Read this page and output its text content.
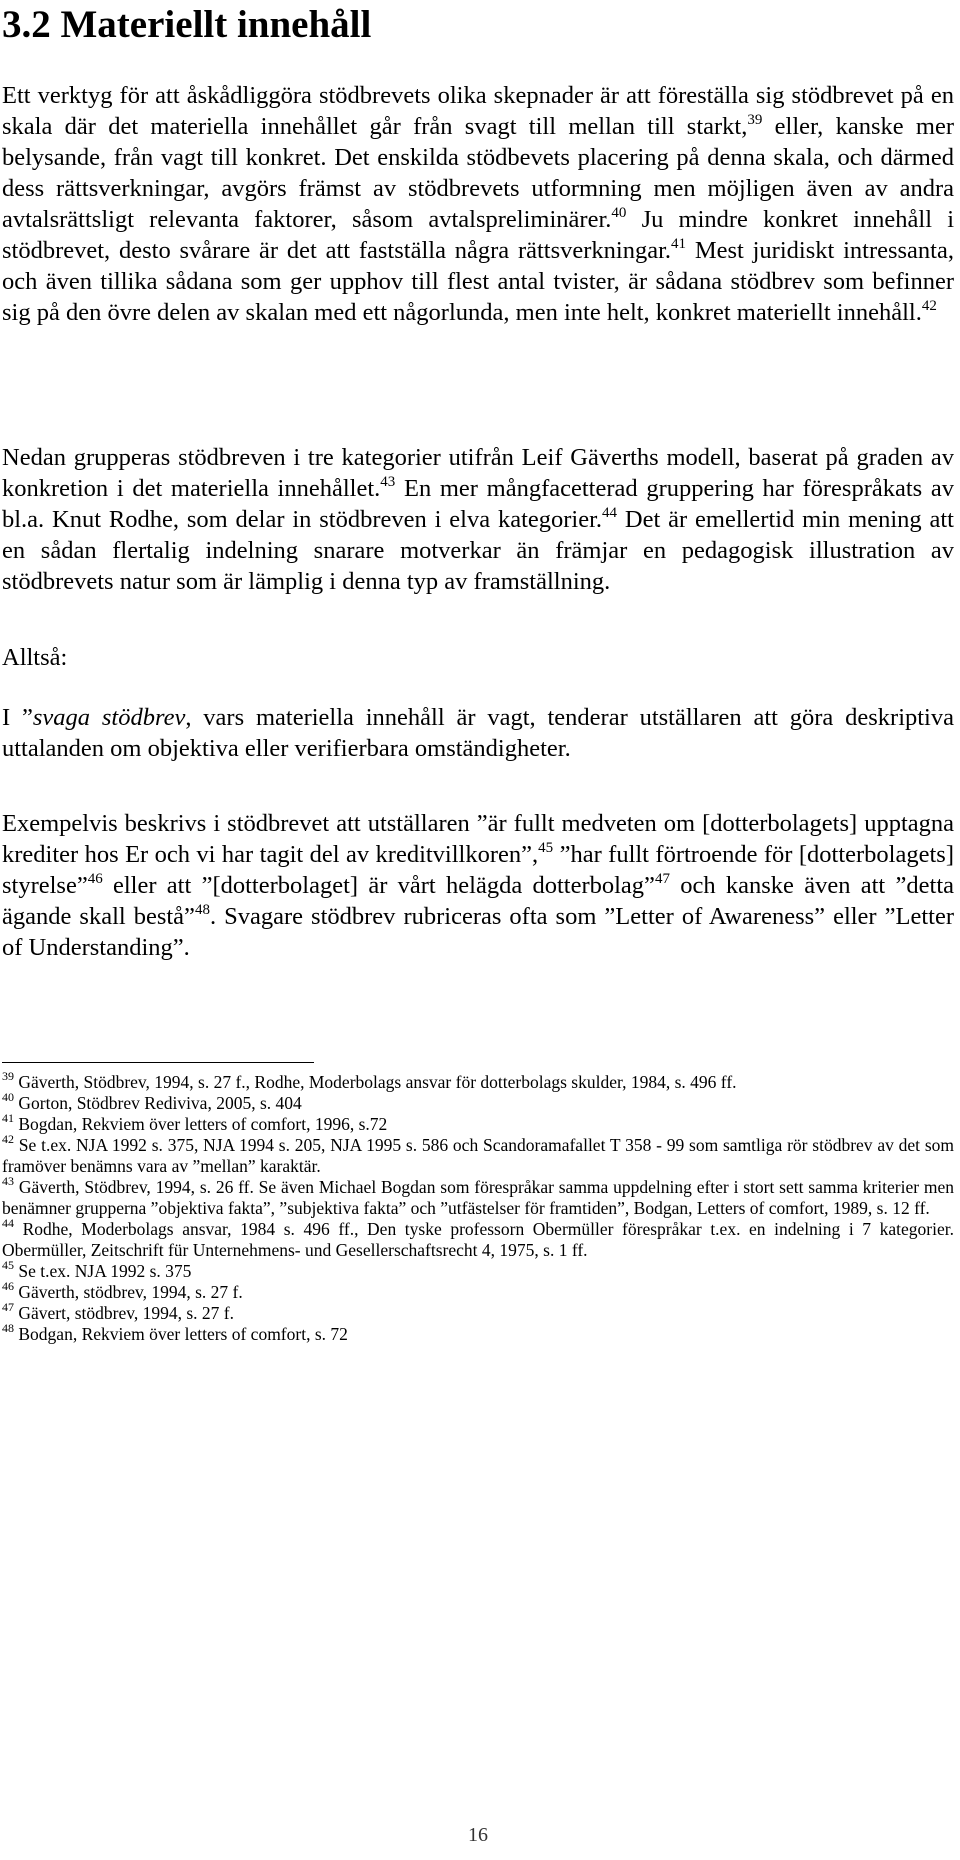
3.2 Materiellt innehåll

Ett verktyg för att åskådliggöra stödbrevets olika skepnader är att föreställa sig stödbrevet på en skala där det materiella innehållet går från svagt till mellan till starkt,$^{39}$ eller, kanske mer belysande, från vagt till konkret. Det enskilda stödbevets placering på denna skala, och därmed dess rättsverkningar, avgörs främst av stödbrevets utformning men möjligen även av andra avtalsrättsligt relevanta faktorer, såsom avtalspreliminärer.$^{40}$ Ju mindre konkret innehåll i stödbrevet, desto svårare är det att fastställa några rättsverkningar.$^{41}$ Mest juridiskt intressanta, och även tillika sådana som ger upphov till flest antal tvister, är sådana stödbrev som befinner sig på den övre delen av skalan med ett någorlunda, men inte helt, konkret materiellt innehåll.$^{42}$

Nedan grupperas stödbreven i tre kategorier utifrån Leif Gäverths modell, baserat på graden av konkretion i det materiella innehållet.$^{43}$ En mer mångfacetterad gruppering har förespråkats av bl.a. Knut Rodhe, som delar in stödbreven i elva kategorier.$^{44}$ Det är emellertid min mening att en sådan flertalig indelning snarare motverkar än främjar en pedagogisk illustration av stödbrevets natur som är lämplig i denna typ av framställning.

Alltså:

I ”svaga stödbrev, vars materiella innehåll är vagt, tenderar utställaren att göra deskriptiva uttalanden om objektiva eller verifierbara omständigheter.

Exempelvis beskrivs i stödbrevet att utställaren ”är fullt medveten om [dotterbolagets] upptagna krediter hos Er och vi har tagit del av kreditvillkoren”,$^{45}$ ”har fullt förtroende för [dotterbolagets] styrelse”$^{46}$ eller att ”[dotterbolaget] är vårt helägda dotterbolag”$^{47}$ och kanske även att ”detta ägande skall bestå”$^{48}$. Svagare stödbrev rubriceras ofta som ”Letter of Awareness” eller ”Letter of Understanding”.

$^{39}$ Gäverth, Stödbrev, 1994, s. 27 f., Rodhe, Moderbolags ansvar för dotterbolags skulder, 1984, s. 496 ff.

$^{40}$ Gorton, Stödbrev Rediviva, 2005, s. 404

$^{41}$ Bogdan, Rekviem över letters of comfort, 1996, s.72

$^{42}$ Se t.ex. NJA 1992 s. 375, NJA 1994 s. 205, NJA 1995 s. 586 och Scandoramafallet T 358 - 99 som samtliga rör stödbrev av det som framöver benämns vara av ”mellan” karaktär.

$^{43}$ Gäverth, Stödbrev, 1994, s. 26 ff. Se även Michael Bogdan som förespråkar samma uppdelning efter i stort sett samma kriterier men benämner gruppernа ”objektiva fakta”, ”subjektiva fakta” och ”utfästelser för framtiden”, Bodgan, Letters of comfort, 1989, s. 12 ff.

$^{44}$ Rodhe, Moderbolags ansvar, 1984 s. 496 ff., Den tyske professorn Obermüller förespråkar t.ex. en indelning i 7 kategorier. Obermüller, Zeitschrift für Unternehmens- und Gesellerschaftsrecht 4, 1975, s. 1 ff.

$^{45}$ Se t.ex. NJA 1992 s. 375

$^{46}$ Gäverth, stödbrev, 1994, s. 27 f.

$^{47}$ Gävert, stödbrev, 1994, s. 27 f.

$^{48}$ Bodgan, Rekviem över letters of comfort, s. 72

16
